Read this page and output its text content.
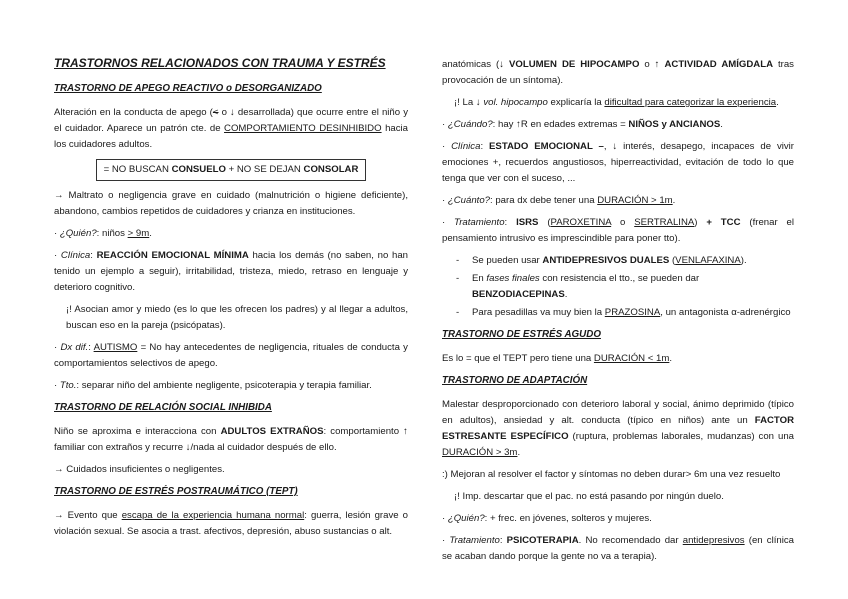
TRASTORNOS RELACIONADOS CON TRAUMA Y ESTRÉS
TRASTORNO DE APEGO REACTIVO o DESORGANIZADO

Alteración en la conducta de apego (< o ↓ desarrollada) que ocurre entre el niño y el cuidador. Aparece un patrón cte. de COMPORTAMIENTO DESINHIBIDO hacia los cuidadores adultos.

= NO BUSCAN CONSUELO + NO SE DEJAN CONSOLAR

→ Maltrato o negligencia grave en cuidado (malnutrición o higiene deficiente), abandono, cambios repetidos de cuidadores y crianza en instituciones.

· ¿Quién?: niños > 9m.

· Clínica: REACCIÓN EMOCIONAL MÍNIMA hacia los demás (no saben, no han tenido un ejemplo a seguir), irritabilidad, tristeza, miedo, retraso en lenguaje y deterioro cognitivo.

¡! Asocian amor y miedo (es lo que les ofrecen los padres) y al llegar a adultos, buscan eso en la pareja (psicópatas).

· Dx dif.: AUTISMO = No hay antecedentes de negligencia, rituales de conducta y comportamientos selectivos de apego.

· Tto.: separar niño del ambiente negligente, psicoterapia y terapia familiar.

TRASTORNO DE RELACIÓN SOCIAL INHIBIDA

Niño se aproxima e interacciona con ADULTOS EXTRAÑOS: comportamiento ↑ familiar con extraños y recurre ↓/nada al cuidador después de ello.

→ Cuidados insuficientes o negligentes.

TRASTORNO DE ESTRÉS POSTRAUMÁTICO (TEPT)

→ Evento que escapa de la experiencia humana normal: guerra, lesión grave o violación sexual. Se asocia a trast. afectivos, depresión, abuso sustancias o alt.

anatómicas (↓ VOLUMEN DE HIPOCAMPO o ↑ ACTIVIDAD AMÍGDALA tras provocación de un síntoma).

¡! La ↓ vol. hipocampo explicaría la dificultad para categorizar la experiencia.

· ¿Cuándo?: hay ↑R en edades extremas = NIÑOS y ANCIANOS.

· Clínica: ESTADO EMOCIONAL –, ↓ interés, desapego, incapaces de vivir emociones +, recuerdos angustiosos, hiperreactividad, evitación de todo lo que tenga que ver con el suceso, ...

· ¿Cuánto?: para dx debe tener una DURACIÓN > 1m.

· Tratamiento: ISRS (PAROXETINA o SERTRALINA) + TCC (frenar el pensamiento intrusivo es imprescindible para poner tto).

- Se pueden usar ANTIDEPRESIVOS DUALES (VENLAFAXINA).
- En fases finales con resistencia el tto., se pueden dar BENZODIACEPINAS.
- Para pesadillas va muy bien la PRAZOSINA, un antagonista α-adrenérgico
TRASTORNO DE ESTRÉS AGUDO

Es lo = que el TEPT pero tiene una DURACIÓN < 1m.

TRASTORNO DE ADAPTACIÓN

Malestar desproporcionado con deterioro laboral y social, ánimo deprimido (típico en adultos), ansiedad y alt. conducta (típico en niños) ante un FACTOR ESTRESANTE ESPECÍFICO (ruptura, problemas laborales, mudanzas) con una DURACIÓN > 3m.

:) Mejoran al resolver el factor y síntomas no deben durar> 6m una vez resuelto

¡! Imp. descartar que el pac. no está pasando por ningún duelo.

· ¿Quién?: + frec. en jóvenes, solteros y mujeres.

· Tratamiento: PSICOTERAPIA. No recomendado dar antidepresivos (en clínica se acaban dando porque la gente no va a terapia).
